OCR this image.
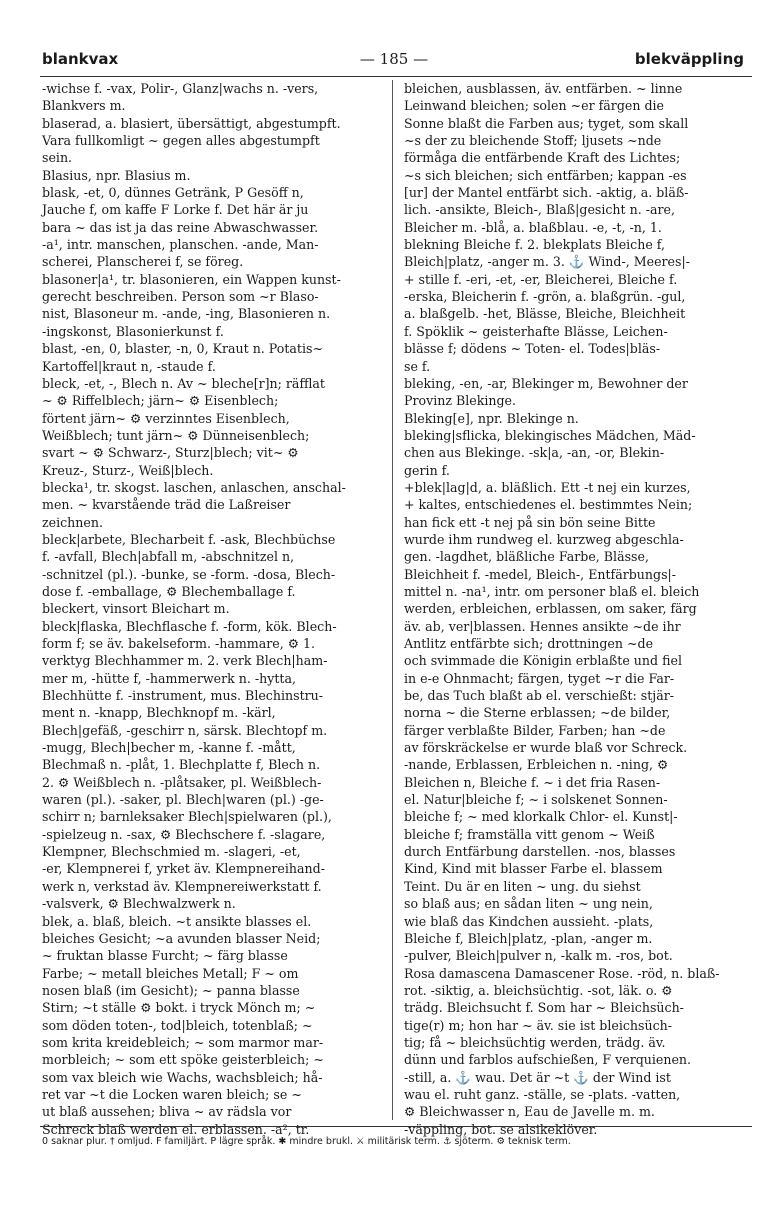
blankvax	— 185 —	blekväppling
-wichse f. -vax, Polir-, Glanz|wachs n. -vers,
Blankvers m.
blaserad, a. blasiert, übersättigt, abgestumpft.
Vara fullkomligt ~ gegen alles abgestumpft
sein.
Blasius, npr. Blasius m.
blask, -et, 0, dünnes Getränk, P Gesöff n,
Jauche f, om kaffe F Lorke f. Det här är ju
bara ~ das ist ja das reine Abwaschwasser.
-a¹, intr. manschen, planschen. -ande, Man-
scherei, Planscherei f, se föreg.
blasoner|a¹, tr. blasonieren, ein Wappen kunst-
gerecht beschreiben. Person som ~r Blaso-
nist, Blasoneur m. -ande, -ing, Blasonieren n.
-ingskonst, Blasonierkunst f.
blast, -en, 0, blaster, -n, 0, Kraut n. Potatis~
Kartoffel|kraut n, -staude f.
bleck, -et, -, Blech n. Av ~ bleche[r]n; räfflat
~ ⚙ Riffelblech; järn~ ⚙ Eisenblech;
förtent järn~ ⚙ verzinntes Eisenblech,
Weißblech; tunt järn~ ⚙ Dünneisenblech;
svart ~ ⚙ Schwarz-, Sturz|blech; vit~ ⚙
Kreuz-, Sturz-, Weiß|blech.
blecka¹, tr. skogst. laschen, anlaschen, anschal-
men. ~ kvarstående träd die Laßreiser
zeichnen.
bleck|arbete, Blecharbeit f. -ask, Blechbüchse
f. -avfall, Blech|abfall m, -abschnitzel n,
-schnitzel (pl.). -bunke, se -form. -dosa, Blech-
dose f. -emballage, ⚙ Blechemballage f.
bleckert, vinsort Bleichart m.
bleck|flaska, Blechflasche f. -form, kök. Blech-
form f; se äv. bakelseform. -hammare, ⚙ 1.
verktyg Blechhammer m. 2. verk Blech|ham-
mer m, -hütte f, -hammerwerk n. -hytta,
Blechhütte f. -instrument, mus. Blechinstru-
ment n. -knapp, Blechknopf m. -kärl,
Blech|gefäß, -geschirr n, särsk. Blechtopf m.
-mugg, Blech|becher m, -kanne f. -mått,
Blechmaß n. -plåt, 1. Blechplatte f, Blech n.
2. ⚙ Weißblech n. -plåtsaker, pl. Weißblech-
waren (pl.). -saker, pl. Blech|waren (pl.) -ge-
schirr n; barnleksaker Blech|spielwaren (pl.),
-spielzeug n. -sax, ⚙ Blechschere f. -slagare,
Klempner, Blechschmied m. -slageri, -et,
-er, Klempnerei f, yrket äv. Klempnereihand-
werk n, verkstad äv. Klempnereiwerkstatt f.
-valsverk, ⚙ Blechwalzwerk n.
blek, a. blaß, bleich. ~t ansikte blasses el.
bleiches Gesicht; ~a avunden blasser Neid;
~ fruktan blasse Furcht; ~ färg blasse
Farbe; ~ metall bleiches Metall; F ~ om
nosen blaß (im Gesicht); ~ panna blasse
Stirn; ~t ställe ⚙ bokt. i tryck Mönch m; ~
som döden toten-, tod|bleich, totenblaß; ~
som krita kreidebleich; ~ som marmor mar-
morbleich; ~ som ett spöke geisterbleich; ~
som vax bleich wie Wachs, wachsbleich; hå-
ret var ~t die Locken waren bleich; se ~
ut blaß aussehen; bliva ~ av rädsla vor
Schreck blaß werden el. erblassen. -a², tr.
bleichen, ausblassen, äv. entfärben. ~ linne
Leinwand bleichen; solen ~er färgen die
Sonne blaßt die Farben aus; tyget, som skall
~s der zu bleichende Stoff; ljusets ~nde
förmåga die entfärbende Kraft des Lichtes;
~s sich bleichen; sich entfärben; kappan -es
[ur] der Mantel entfärbt sich. -aktig, a. bläß-
lich. -ansikte, Bleich-, Blaß|gesicht n. -are,
Bleicher m. -blå, a. blaßblau. -e, -t, -n, 1.
blekning Bleiche f. 2. blekplats Bleiche f,
Bleich|platz, -anger m. 3. ⚓ Wind-, Meeres|-
+ stille f. -eri, -et, -er, Bleicherei, Bleiche f.
-erska, Bleicherin f. -grön, a. blaßgrün. -gul,
a. blaßgelb. -het, Blässe, Bleiche, Bleichheit
f. Spöklik ~ geisterhafte Blässe, Leichen-
blässe f; dödens ~ Toten- el. Todes|bläs-
se f.
bleking, -en, -ar, Blekinger m, Bewohner der
Provinz Blekinge.
Bleking[e], npr. Blekinge n.
bleking|sflicka, blekingisches Mädchen, Mäd-
chen aus Blekinge. -sk|a, -an, -or, Blekin-
gerin f.
+blek|lag|d, a. bläßlich. Ett -t nej ein kurzes,
+ kaltes, entschiedenes el. bestimmtes Nein;
han fick ett -t nej på sin bön seine Bitte
wurde ihm rundweg el. kurzweg abgeschla-
gen. -lagdhet, bläßliche Farbe, Blässe,
Bleichheit f. -medel, Bleich-, Entfärbungs|-
mittel n. -na¹, intr. om personer blaß el. bleich
werden, erbleichen, erblassen, om saker, färg
äv. ab, ver|blassen. Hennes ansikte ~de ihr
Antlitz entfärbte sich; drottningen ~de
och svimmade die Königin erblaßte und fiel
in e-e Ohnmacht; färgen, tyget ~r die Far-
be, das Tuch blaßt ab el. verschießt: stjär-
norna ~ die Sterne erblassen; ~de bilder,
färger verblaßte Bilder, Farben; han ~de
av förskräckelse er wurde blaß vor Schreck.
-nande, Erblassen, Erbleichen n. -ning, ⚙
Bleichen n, Bleiche f. ~ i det fria Rasen-
el. Natur|bleiche f; ~ i solskenet Sonnen-
bleiche f; ~ med klorkalk Chlor- el. Kunst|-
bleiche f; framställa vitt genom ~ Weiß
durch Entfärbung darstellen. -nos, blasses
Kind, Kind mit blasser Farbe el. blassem
Teint. Du är en liten ~ ung. du siehst
so blaß aus; en sådan liten ~ ung nein,
wie blaß das Kindchen aussieht. -plats,
Bleiche f, Bleich|platz, -plan, -anger m.
-pulver, Bleich|pulver n, -kalk m. -ros, bot.
Rosa damascena Damascener Rose. -röd, n. blaß-
rot. -siktig, a. bleichsüchtig. -sot, läk. o. ⚙
trädg. Bleichsucht f. Som har ~ Bleichsüch-
tige(r) m; hon har ~ äv. sie ist bleichsüch-
tig; få ~ bleichsüchtig werden, trädg. äv.
dünn und farblos aufschießen, F verquienen.
-still, a. ⚓ wau. Det är ~t ⚓ der Wind ist
wau el. ruht ganz. -ställe, se -plats. -vatten,
⚙ Bleichwasser n, Eau de Javelle m. m.
-väppling, bot. se alsikeklöver.
0 saknar plur. † omljud. F familjärt. P lägre språk. ✱ mindre brukl. ⚔ militärisk term. ⚓ sjöterm. ⚙ teknisk term.
